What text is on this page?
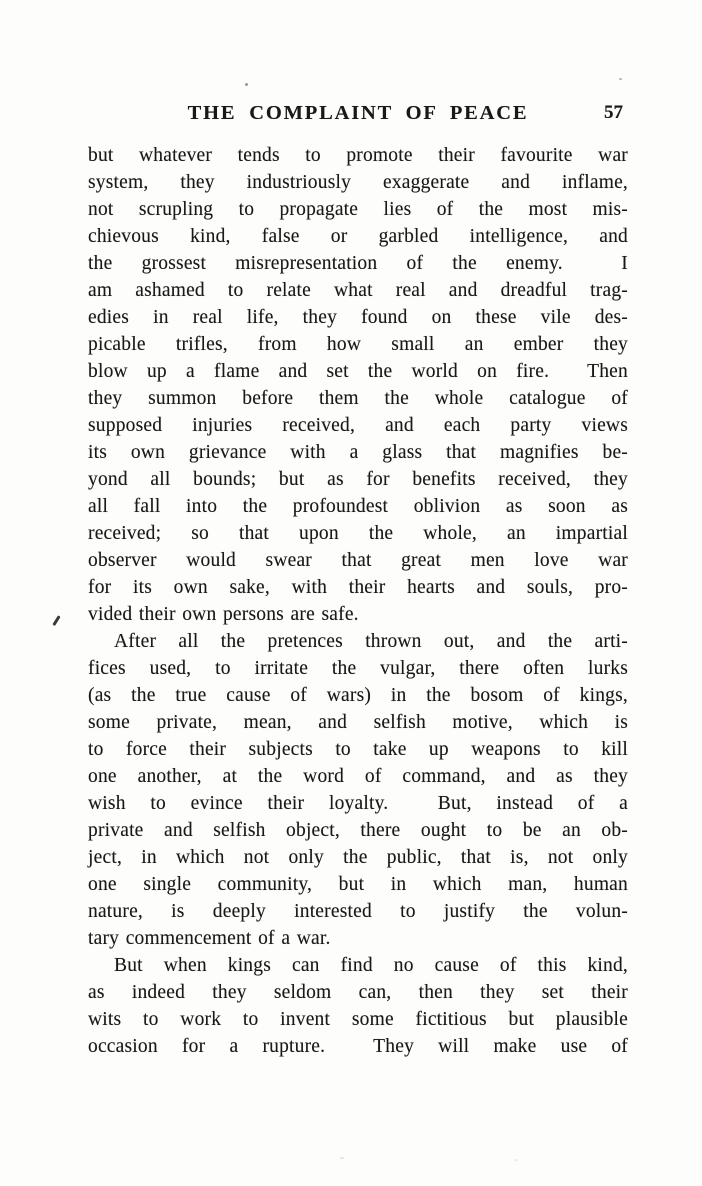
THE COMPLAINT OF PEACE	57
but whatever tends to promote their favourite war
system, they industriously exaggerate and inflame,
not scrupling to propagate lies of the most mis-
chievous kind, false or garbled intelligence, and
the grossest misrepresentation of the enemy.  I
am ashamed to relate what real and dreadful trag-
edies in real life, they found on these vile des-
picable trifles, from how small an ember they
blow up a flame and set the world on fire.  Then
they summon before them the whole catalogue of
supposed injuries received, and each party views
its own grievance with a glass that magnifies be-
yond all bounds; but as for benefits received, they
all fall into the profoundest oblivion as soon as
received; so that upon the whole, an impartial
observer would swear that great men love war
for its own sake, with their hearts and souls, pro-
vided their own persons are safe.
After all the pretences thrown out, and the arti-
fices used, to irritate the vulgar, there often lurks
(as the true cause of wars) in the bosom of kings,
some private, mean, and selfish motive, which is
to force their subjects to take up weapons to kill
one another, at the word of command, and as they
wish to evince their loyalty.  But, instead of a
private and selfish object, there ought to be an ob-
ject, in which not only the public, that is, not only
one single community, but in which man, human
nature, is deeply interested to justify the volun-
tary commencement of a war.
But when kings can find no cause of this kind,
as indeed they seldom can, then they set their
wits to work to invent some fictitious but plausible
occasion for a rupture.  They will make use of
